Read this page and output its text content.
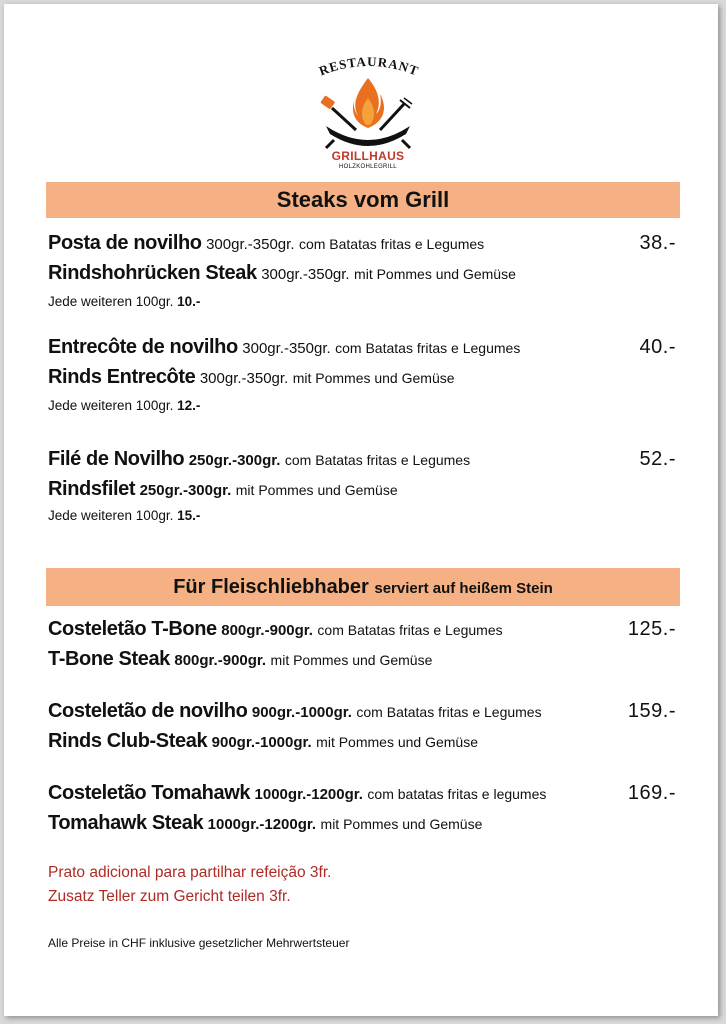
RESTAURANT
GRILLHAUS
HOLZKOHLEGRILL
Steaks vom Grill
Posta de novilho 300gr.-350gr. com Batatas fritas e Legumes	38.-
Rindshohrücken Steak 300gr.-350gr. mit Pommes und Gemüse
Jede weiteren 100gr. 10.-
Entrecôte de novilho 300gr.-350gr. com Batatas fritas e Legumes	40.-
Rinds Entrecôte 300gr.-350gr. mit Pommes und Gemüse
Jede weiteren 100gr. 12.-
Filé de Novilho 250gr.-300gr. com Batatas fritas e Legumes	52.-
Rindsfilet 250gr.-300gr. mit Pommes und Gemüse
Jede weiteren 100gr. 15.-
Für Fleischliebhaber serviert auf heißem Stein
Costeletão T-Bone 800gr.-900gr. com Batatas fritas e Legumes	125.-
T-Bone Steak 800gr.-900gr. mit Pommes und Gemüse
Costeletão de novilho 900gr.-1000gr. com Batatas fritas e Legumes	159.-
Rinds Club-Steak 900gr.-1000gr. mit Pommes und Gemüse
Costeletão Tomahawk 1000gr.-1200gr. com batatas fritas e legumes	169.-
Tomahawk Steak 1000gr.-1200gr. mit Pommes und Gemüse
Prato adicional para partilhar refeição 3fr.
Zusatz Teller zum Gericht teilen 3fr.
Alle Preise in CHF inklusive gesetzlicher Mehrwertsteuer
